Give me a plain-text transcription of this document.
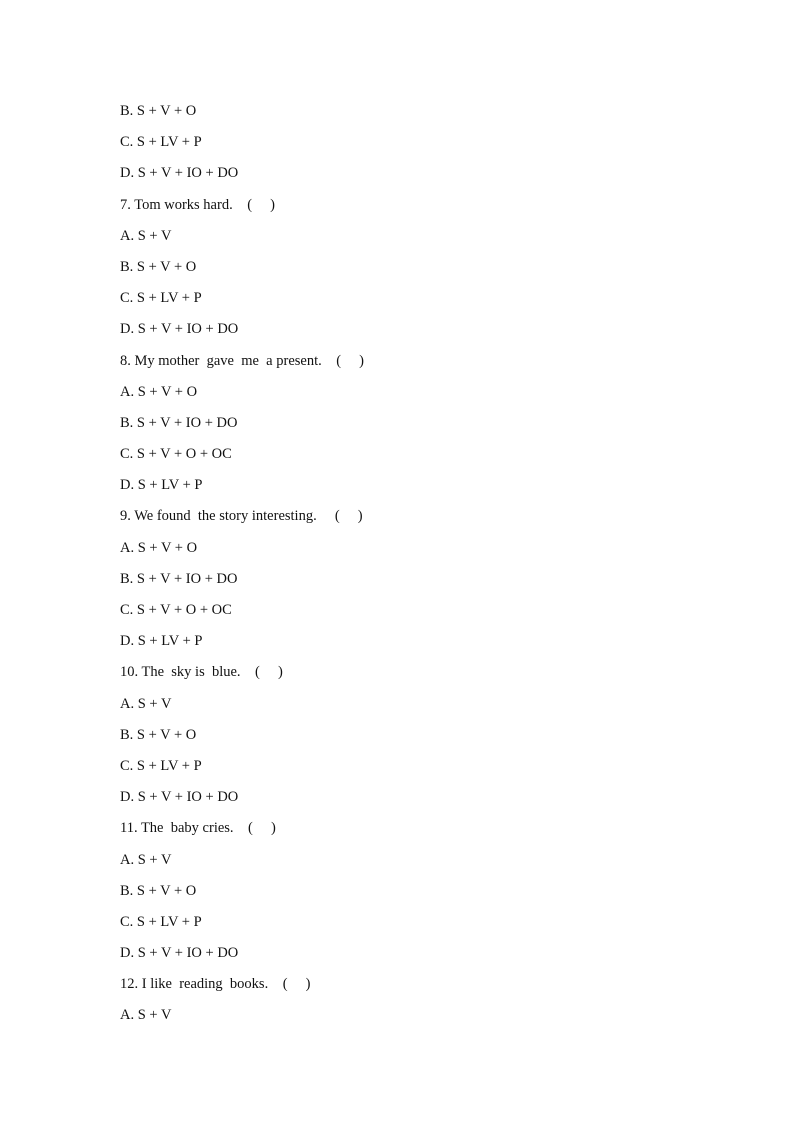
B. S + V + O

C. S + LV + P

D. S + V + IO + DO

7. Tom works hard.    (     )

A. S + V

B. S + V + O

C. S + LV + P

D. S + V + IO + DO

8. My mother  gave  me  a present.    (     )

A. S + V + O

B. S + V + IO + DO

C. S + V + O + OC

D. S + LV + P

9. We found  the story interesting.     (     )

A. S + V + O

B. S + V + IO + DO

C. S + V + O + OC

D. S + LV + P

10. The  sky is  blue.    (     )

A. S + V

B. S + V + O

C. S + LV + P

D. S + V + IO + DO

11. The  baby cries.    (     )

A. S + V

B. S + V + O

C. S + LV + P

D. S + V + IO + DO

12. I like  reading  books.    (     )

A. S + V
